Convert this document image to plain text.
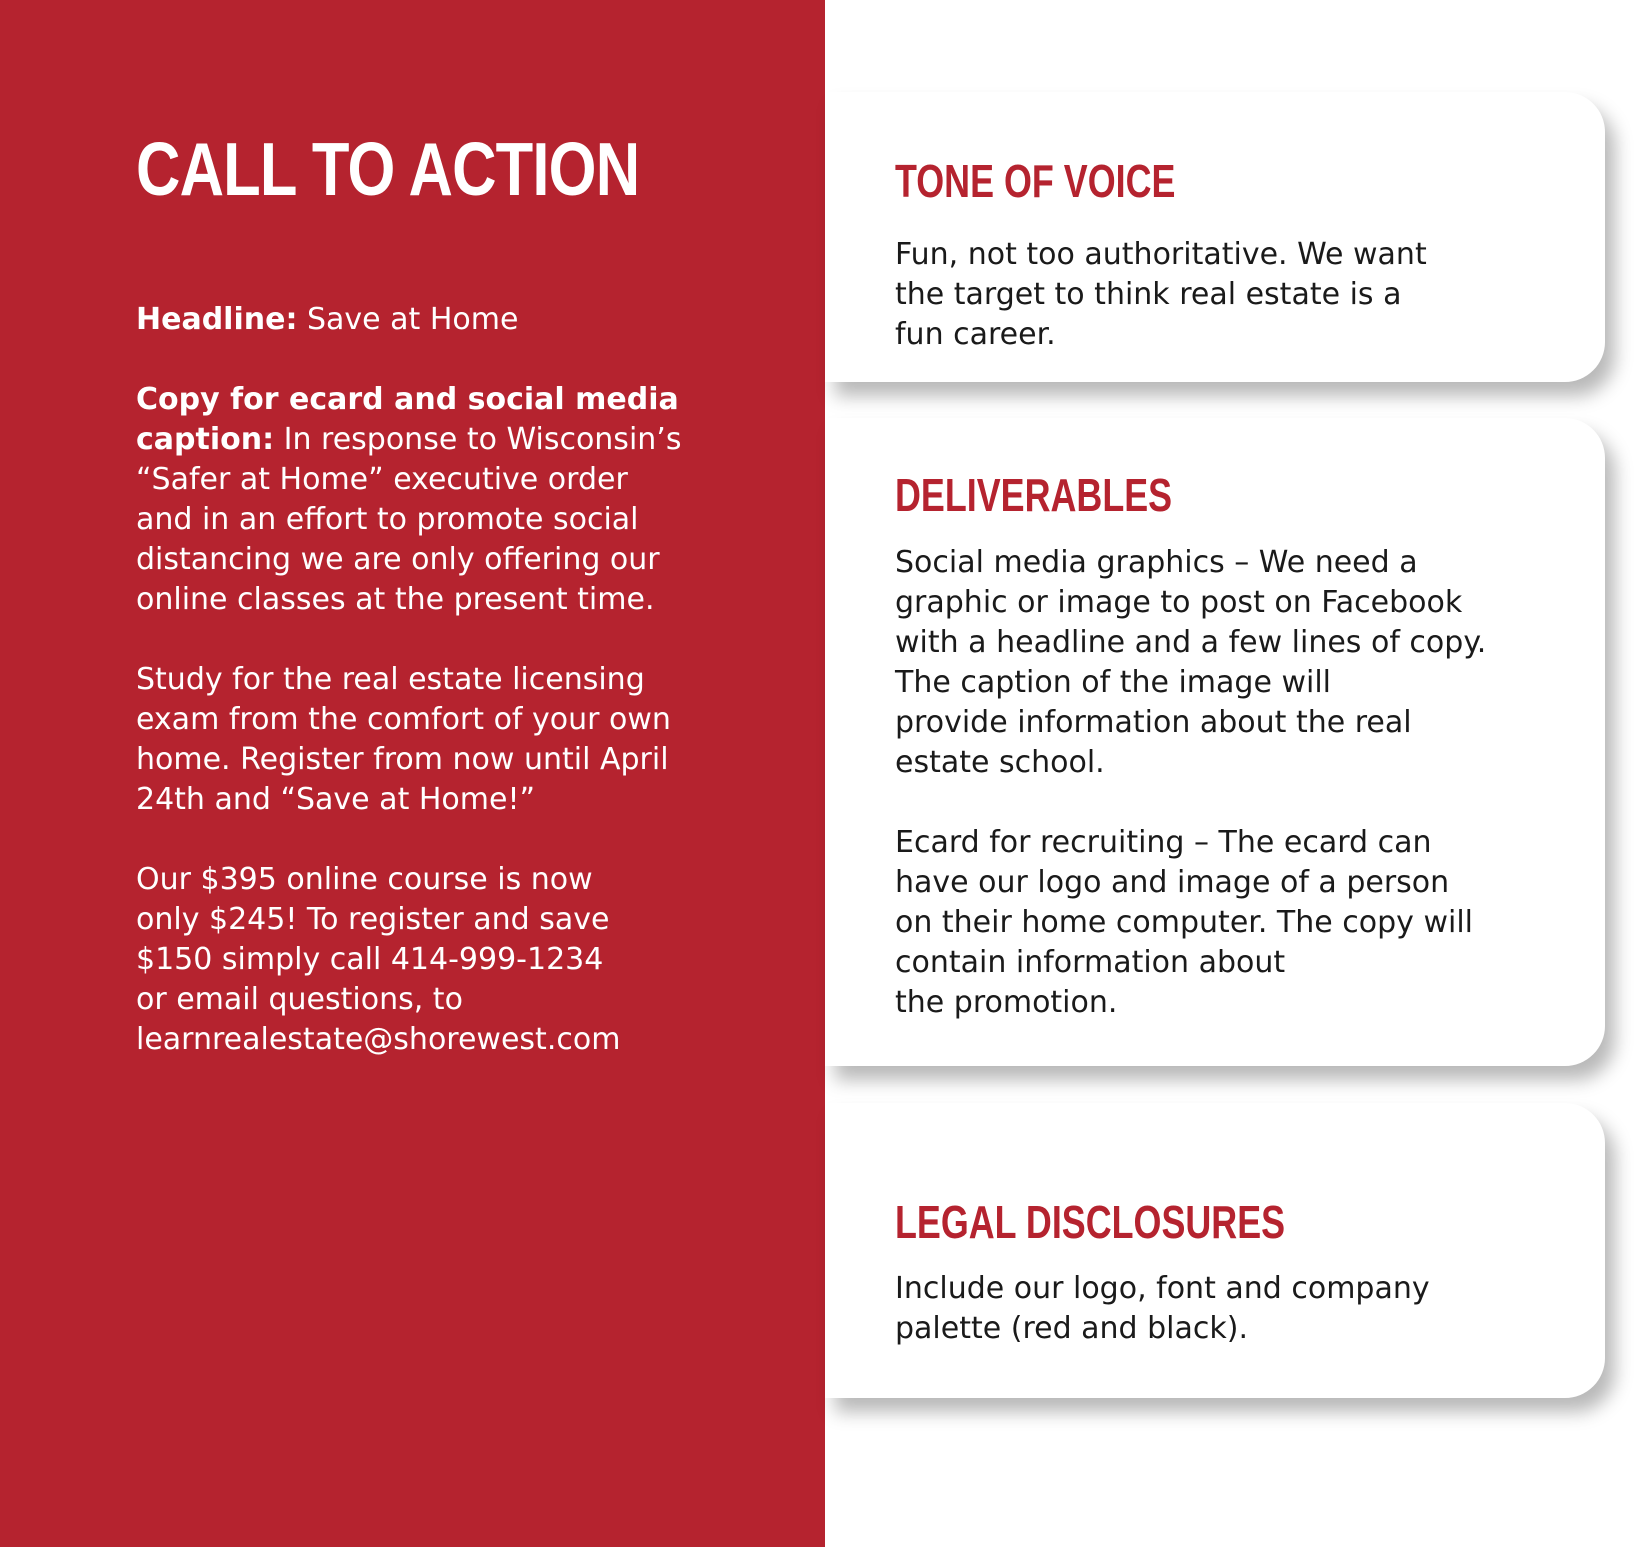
CALL TO ACTION

Headline: Save at Home

Copy for ecard and social media
caption: In response to Wisconsin’s
“Safer at Home” executive order
and in an effort to promote social
distancing we are only offering our
online classes at the present time.

Study for the real estate licensing
exam from the comfort of your own
home. Register from now until April
24th and “Save at Home!”

Our $395 online course is now
only $245! To register and save
$150 simply call 414-999-1234
or email questions, to
learnrealestate@shorewest.com

TONE OF VOICE

Fun, not too authoritative. We want
the target to think real estate is a
fun career.

DELIVERABLES

Social media graphics – We need a
graphic or image to post on Facebook
with a headline and a few lines of copy.
The caption of the image will
provide information about the real
estate school.

Ecard for recruiting – The ecard can
have our logo and image of a person
on their home computer. The copy will
contain information about
the promotion.

LEGAL DISCLOSURES

Include our logo, font and company
palette (red and black).
